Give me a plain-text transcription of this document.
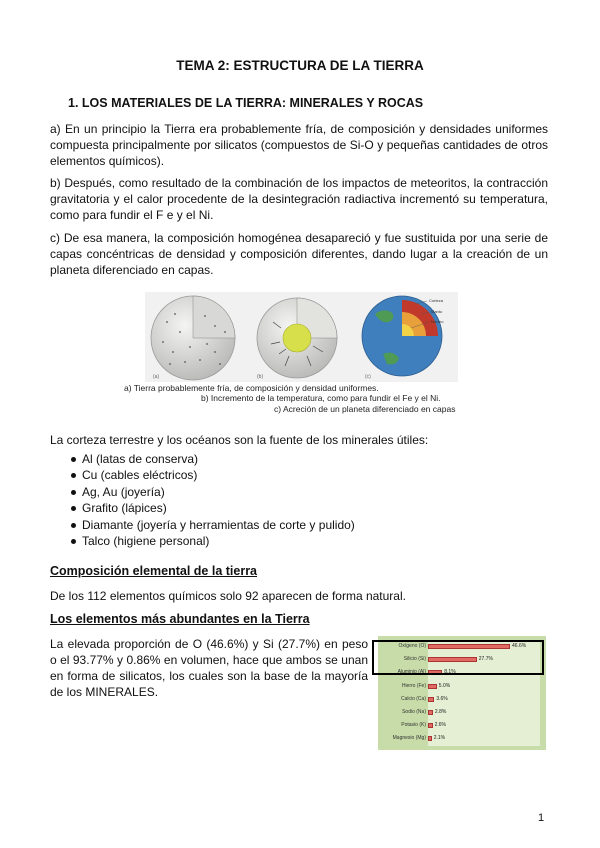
TEMA 2: ESTRUCTURA DE LA TIERRA
1. LOS MATERIALES DE LA TIERRA: MINERALES Y ROCAS
a) En un principio la Tierra era probablemente fría, de composición y densidades uniformes compuesta principalmente por silicatos (compuestos de Si-O y pequeñas cantidades de otros elementos químicos).
b) Después, como resultado de la combinación de los impactos de meteoritos, la contracción gravitatoria y el calor procedente de la desintegración radiactiva incrementó su temperatura, como para fundir el F e y el Ni.
c) De esa manera, la composición homogénea desapareció y fue sustituida por una serie de capas concéntricas de densidad y composición diferentes, dando lugar a la creación de un planeta diferenciado en capas.
(a)	(b)
Corteza
Manto
Núcleo
(c)
a) Tierra probablemente fría, de composición y densidad uniformes.
b) Incremento de la temperatura, como para fundir el Fe y el Ni.
c) Acreción de un planeta diferenciado en capas
La corteza terrestre y los océanos son la fuente de los minerales útiles:
Al (latas de conserva)
Cu (cables eléctricos)
Ag, Au (joyería)
Grafito (lápices)
Diamante (joyería y herramientas de corte y pulido)
Talco (higiene personal)
Composición elemental de la tierra
De los 112 elementos químicos solo 92 aparecen de forma natural.
Los elementos más abundantes en la Tierra
La elevada proporción de O (46.6%) y Si (27.7%) en peso o el 93.77% y 0.86% en volumen, hace que ambos se unan en forma de silicatos, los cuales son la base de la mayoría de los MINERALES.
Oxígeno (O)	46.6%
Silicio (Si)	27.7%
Aluminio (Al)	8.1%
Hierro (Fe)	5.0%
Calcio (Ca) 3.6%
Sodio (Na) 2.8%
Potasio (K) 2.6%
Magnesio (Mg) 2.1%
1
